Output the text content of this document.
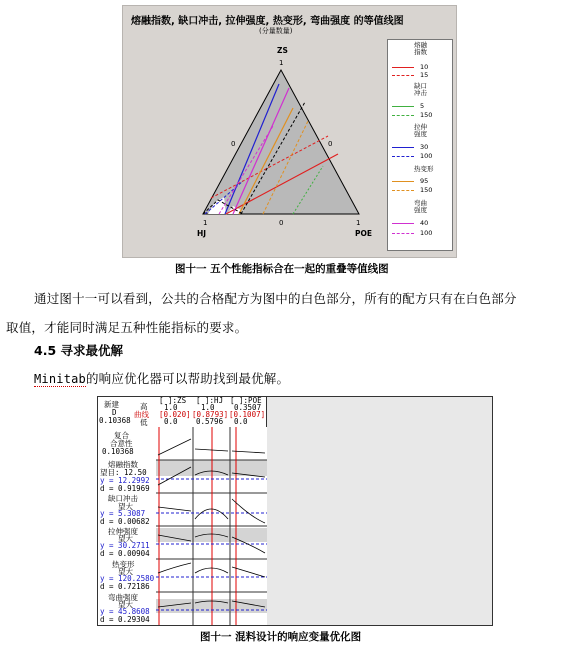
熔融指数, 缺口冲击, 拉伸强度, 热变形, 弯曲强度 的等值线图
(分量数量)
ZS
1
0	0
1	1
0
HJ	POE
熔融
指数
10
15
缺口
冲击
5
150
拉伸
强度
30
100
热变形
95
150
弯曲
强度
40
100
图十一 五个性能指标合在一起的重叠等值线图
通过图十一可以看到，公共的合格配方为图中的白色部分，所有的配方只有在白色部分
取值，才能同时满足五种性能指标的要求。
4.5 寻求最优解
Minitab的响应优化器可以帮助找到最优解。
新建
D
0.10368
高
曲线
低
[ ]:ZS
1.0
[0.020]
0.0
[ ]:HJ
1.0
[0.8793]
0.5796
[ ]:POE
0.3507
[0.1007]
0.0
复合
合意性
0.10368
熔融指数
望目: 12.50
y = 12.2992
d = 0.91969
缺口冲击
望大
y = 5.3087
d = 0.00682
拉伸强度
望大
y = 30.2711
d = 0.00904
热变形
望大
y = 120.2580
d = 0.72186
弯曲强度
望大
y = 45.8608
d = 0.29304
图十一 混料设计的响应变量优化图
